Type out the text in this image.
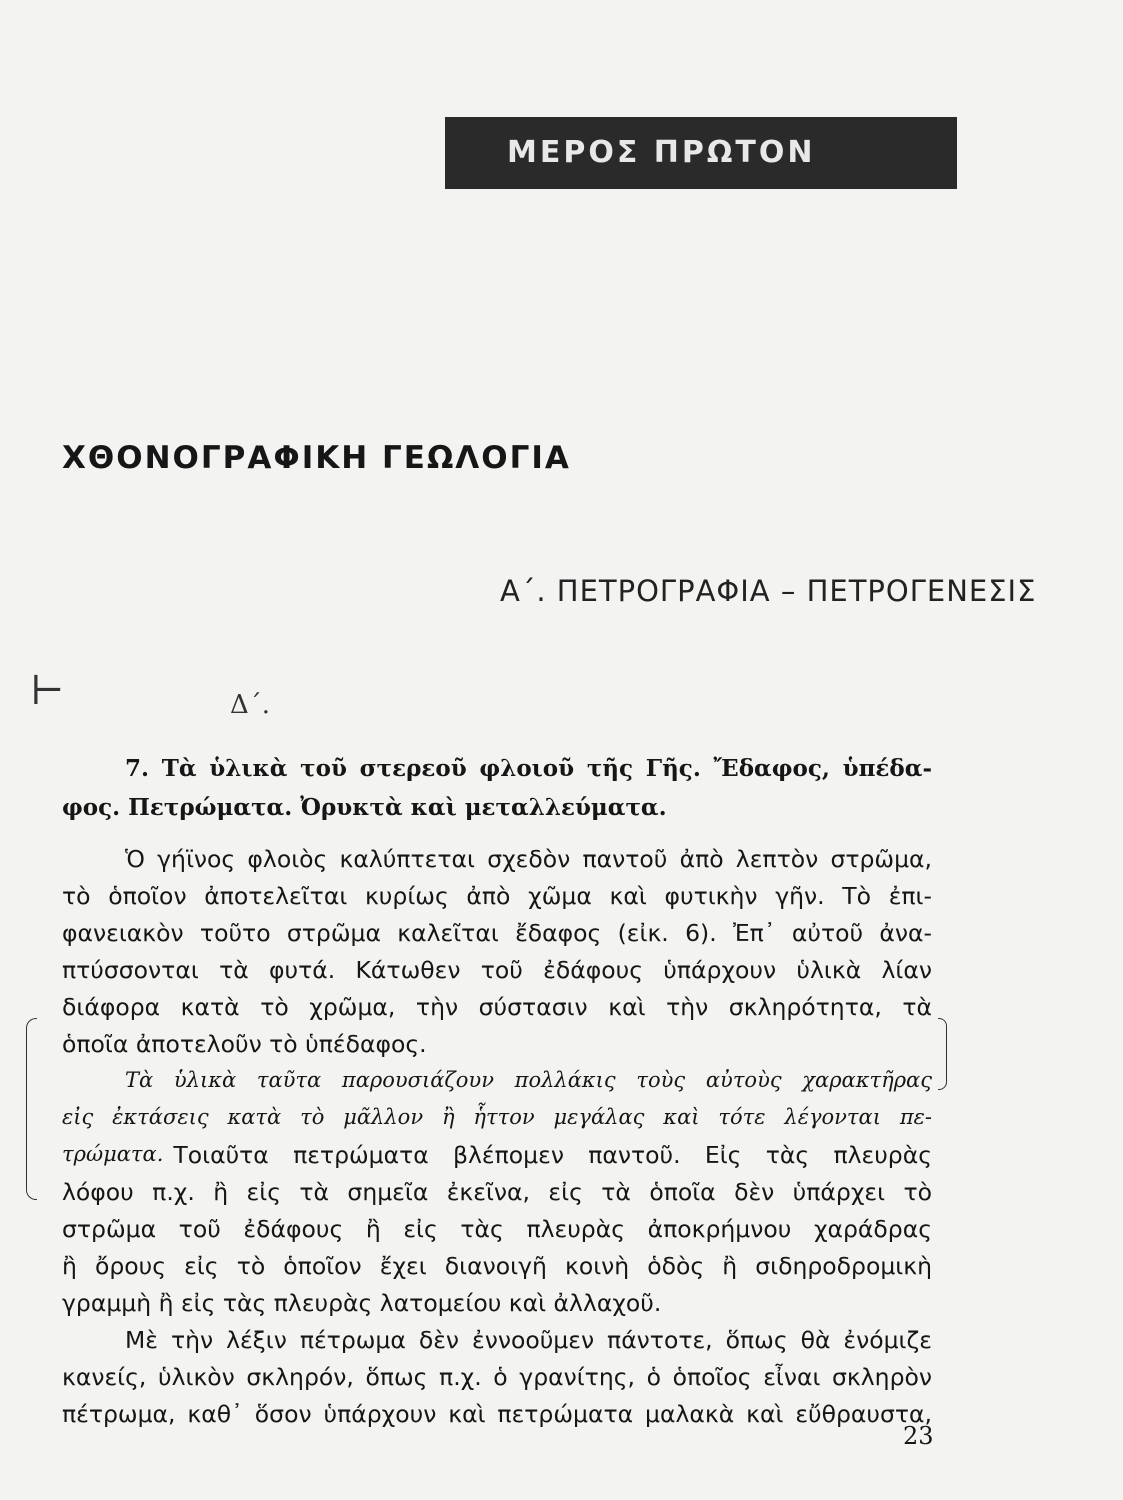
ΜΕΡΟΣ ΠΡΩΤΟΝ
ΧΘΟΝΟΓΡΑΦΙΚΗ ΓΕΩΛΟΓΙΑ
Α΄. ΠΕΤΡΟΓΡΑΦΙΑ – ΠΕΤΡΟΓΕΝΕΣΙΣ
⊢	Δ΄.
7. Τὰ ὑλικὰ τοῦ στερεοῦ φλοιοῦ τῆς Γῆς. Ἔδαφος, ὑπέδα-
φος. Πετρώματα. Ὀρυκτὰ καὶ μεταλλεύματα.
Ὁ γήϊνος φλοιὸς καλύπτεται σχεδὸν παντοῦ ἀπὸ λεπτὸν στρῶμα,
τὸ ὁποῖον ἀποτελεῖται κυρίως ἀπὸ χῶμα καὶ φυτικὴν γῆν. Τὸ ἐπι-
φανειακὸν τοῦτο στρῶμα καλεῖται ἔδαφος (εἰκ. 6). Ἐπ᾽ αὐτοῦ ἀνα-
πτύσσονται τὰ φυτά. Κάτωθεν τοῦ ἐδάφους ὑπάρχουν ὑλικὰ λίαν
διάφορα κατὰ τὸ χρῶμα, τὴν σύστασιν καὶ τὴν σκληρότητα, τὰ
ὁποῖα ἀποτελοῦν τὸ ὑπέδαφος.
Τὰ ὑλικὰ ταῦτα παρουσιάζουν πολλάκις τοὺς αὐτοὺς χαρακτῆρας
εἰς ἐκτάσεις κατὰ τὸ μᾶλλον ἢ ἧττον μεγάλας καὶ τότε λέγονται πε-
τρώματα. Τοιαῦτα πετρώματα βλέπομεν παντοῦ. Εἰς τὰς πλευρὰς
λόφου π.χ. ἢ εἰς τὰ σημεῖα ἐκεῖνα, εἰς τὰ ὁποῖα δὲν ὑπάρχει τὸ
στρῶμα τοῦ ἐδάφους ἢ εἰς τὰς πλευρὰς ἀποκρήμνου χαράδρας
ἢ ὄρους εἰς τὸ ὁποῖον ἔχει διανοιγῆ κοινὴ ὁδὸς ἢ σιδηροδρομικὴ
γραμμὴ ἢ εἰς τὰς πλευρὰς λατομείου καὶ ἀλλαχοῦ.
Μὲ τὴν λέξιν πέτρωμα δὲν ἐννοοῦμεν πάντοτε, ὅπως θὰ ἐνόμιζε
κανείς, ὑλικὸν σκληρόν, ὅπως π.χ. ὁ γρανίτης, ὁ ὁποῖος εἶναι σκληρὸν
πέτρωμα, καθ᾽ ὅσον ὑπάρχουν καὶ πετρώματα μαλακὰ καὶ εὔθραυστα,
23
